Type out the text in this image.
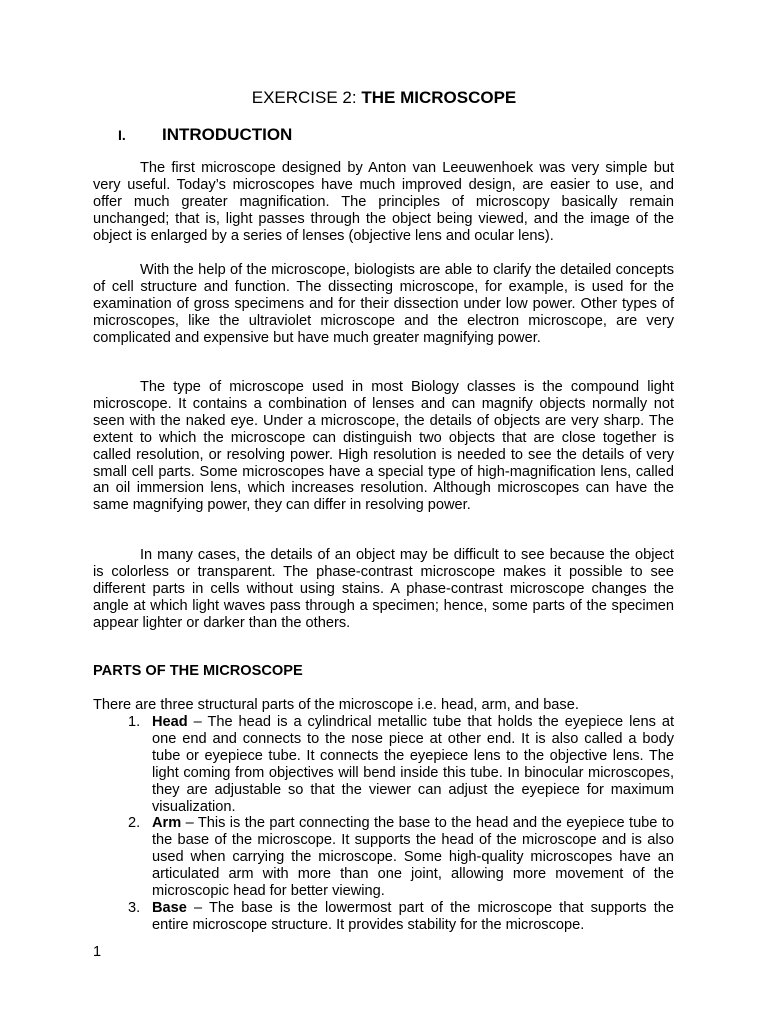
EXERCISE 2: THE MICROSCOPE
I. INTRODUCTION

The first microscope designed by Anton van Leeuwenhoek was very simple but very useful. Today’s microscopes have much improved design, are easier to use, and offer much greater magnification. The principles of microscopy basically remain unchanged; that is, light passes through the object being viewed, and the image of the object is enlarged by a series of lenses (objective lens and ocular lens).

With the help of the microscope, biologists are able to clarify the detailed concepts of cell structure and function. The dissecting microscope, for example, is used for the examination of gross specimens and for their dissection under low power. Other types of microscopes, like the ultraviolet microscope and the electron microscope, are very complicated and expensive but have much greater magnifying power.

The type of microscope used in most Biology classes is the compound light microscope. It contains a combination of lenses and can magnify objects normally not seen with the naked eye. Under a microscope, the details of objects are very sharp. The extent to which the microscope can distinguish two objects that are close together is called resolution, or resolving power. High resolution is needed to see the details of very small cell parts. Some microscopes have a special type of high-magnification lens, called an oil immersion lens, which increases resolution. Although microscopes can have the same magnifying power, they can differ in resolving power.

In many cases, the details of an object may be difficult to see because the object is colorless or transparent. The phase-contrast microscope makes it possible to see different parts in cells without using stains. A phase-contrast microscope changes the angle at which light waves pass through a specimen; hence, some parts of the specimen appear lighter or darker than the others.

PARTS OF THE MICROSCOPE
There are three structural parts of the microscope i.e. head, arm, and base.
1. Head – The head is a cylindrical metallic tube that holds the eyepiece lens at one end and connects to the nose piece at other end. It is also called a body tube or eyepiece tube. It connects the eyepiece lens to the objective lens. The light coming from objectives will bend inside this tube. In binocular microscopes, they are adjustable so that the viewer can adjust the eyepiece for maximum visualization.
2. Arm – This is the part connecting the base to the head and the eyepiece tube to the base of the microscope. It supports the head of the microscope and is also used when carrying the microscope. Some high-quality microscopes have an articulated arm with more than one joint, allowing more movement of the microscopic head for better viewing.
3. Base – The base is the lowermost part of the microscope that supports the entire microscope structure. It provides stability for the microscope.
1
